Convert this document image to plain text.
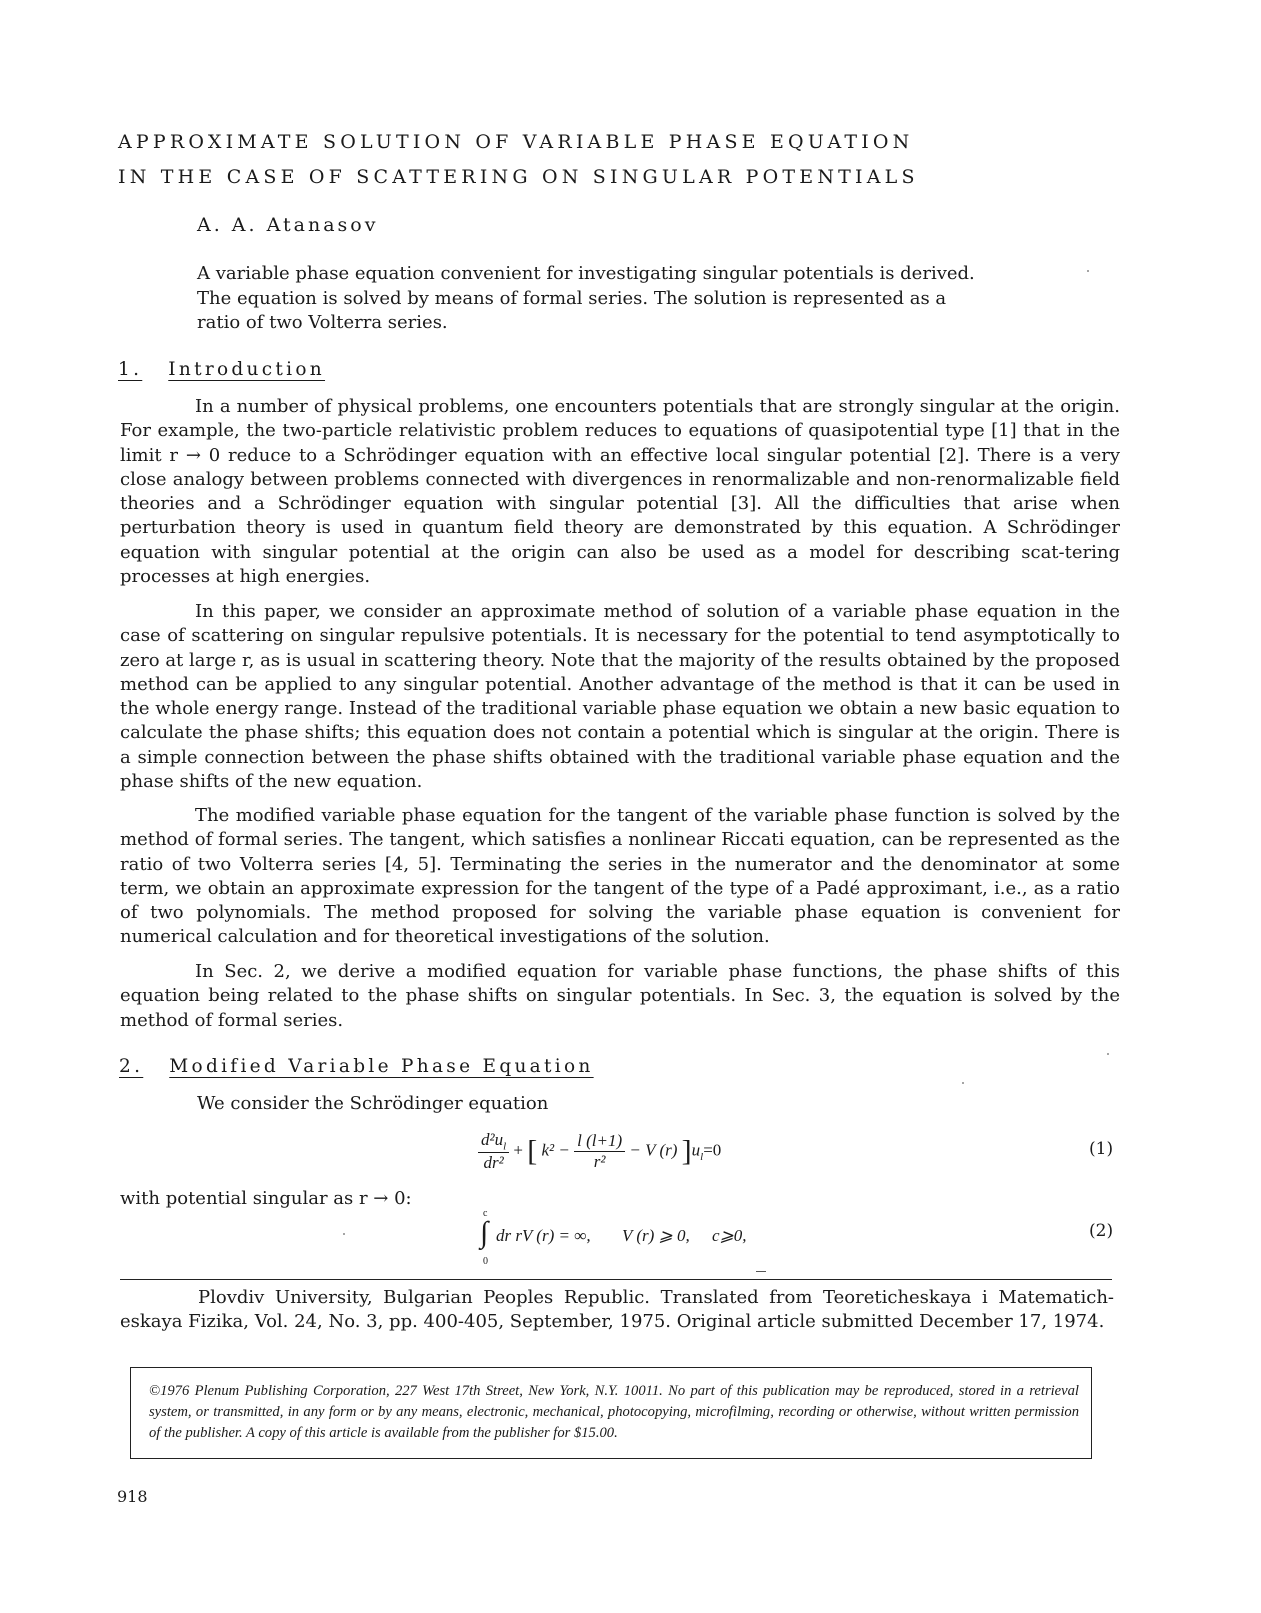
APPROXIMATE SOLUTION OF VARIABLE PHASE EQUATION
IN THE CASE OF SCATTERING ON SINGULAR POTENTIALS
A. A. Atanasov

A variable phase equation convenient for investigating singular potentials is derived.

The equation is solved by means of formal series. The solution is represented as a

ratio of two Volterra series.

1. Introduction

In a number of physical problems, one encounters potentials that are strongly singular at the origin. For example, the two-particle relativistic problem reduces to equations of quasipotential type [1] that in the limit r → 0 reduce to a Schrödinger equation with an effective local singular potential [2]. There is a very close analogy between problems connected with divergences in renormalizable and non-renormalizable field theories and a Schrödinger equation with singular potential [3]. All the difficulties that arise when perturbation theory is used in quantum field theory are demonstrated by this equation. A Schrödinger equation with singular potential at the origin can also be used as a model for describing scat-tering processes at high energies.

In this paper, we consider an approximate method of solution of a variable phase equation in the case of scattering on singular repulsive potentials. It is necessary for the potential to tend asymptotically to zero at large r, as is usual in scattering theory. Note that the majority of the results obtained by the proposed method can be applied to any singular potential. Another advantage of the method is that it can be used in the whole energy range. Instead of the traditional variable phase equation we obtain a new basic equation to calculate the phase shifts; this equation does not contain a potential which is singular at the origin. There is a simple connection between the phase shifts obtained with the traditional variable phase equation and the phase shifts of the new equation.

The modified variable phase equation for the tangent of the variable phase function is solved by the method of formal series. The tangent, which satisfies a nonlinear Riccati equation, can be represented as the ratio of two Volterra series [4, 5]. Terminating the series in the numerator and the denominator at some term, we obtain an approximate expression for the tangent of the type of a Padé approximant, i.e., as a ratio of two polynomials. The method proposed for solving the variable phase equation is convenient for numerical calculation and for theoretical investigations of the solution.

In Sec. 2, we derive a modified equation for variable phase functions, the phase shifts of this equation being related to the phase shifts on singular potentials. In Sec. 3, the equation is solved by the method of formal series.

2. Modified Variable Phase Equation
We consider the Schrödinger equation
$\frac{d^2u_l}{\text{dr²}}$ + [ $k^2 - \frac{l (l+1)}{\text{r²}} - V$ (r) ]$u_l=0$	(1)
with potential singular as r → 0:
c
∫
0
dr rV (r) = ∞, V (r) ⩾ 0, c⩾0,	(2)

Plovdiv University, Bulgarian Peoples Republic. Translated from Teoreticheskaya i Matematich-eskaya Fizika, Vol. 24, No. 3, pp. 400-405, September, 1975. Original article submitted December 17, 1974.

©1976 Plenum Publishing Corporation, 227 West 17th Street, New York, N.Y. 10011. No part of this publication may be reproduced, stored in a retrieval system, or transmitted, in any form or by any means, electronic, mechanical, photocopying, microfilming, recording or otherwise, without written permission of the publisher. A copy of this article is available from the publisher for $15.00.
918
